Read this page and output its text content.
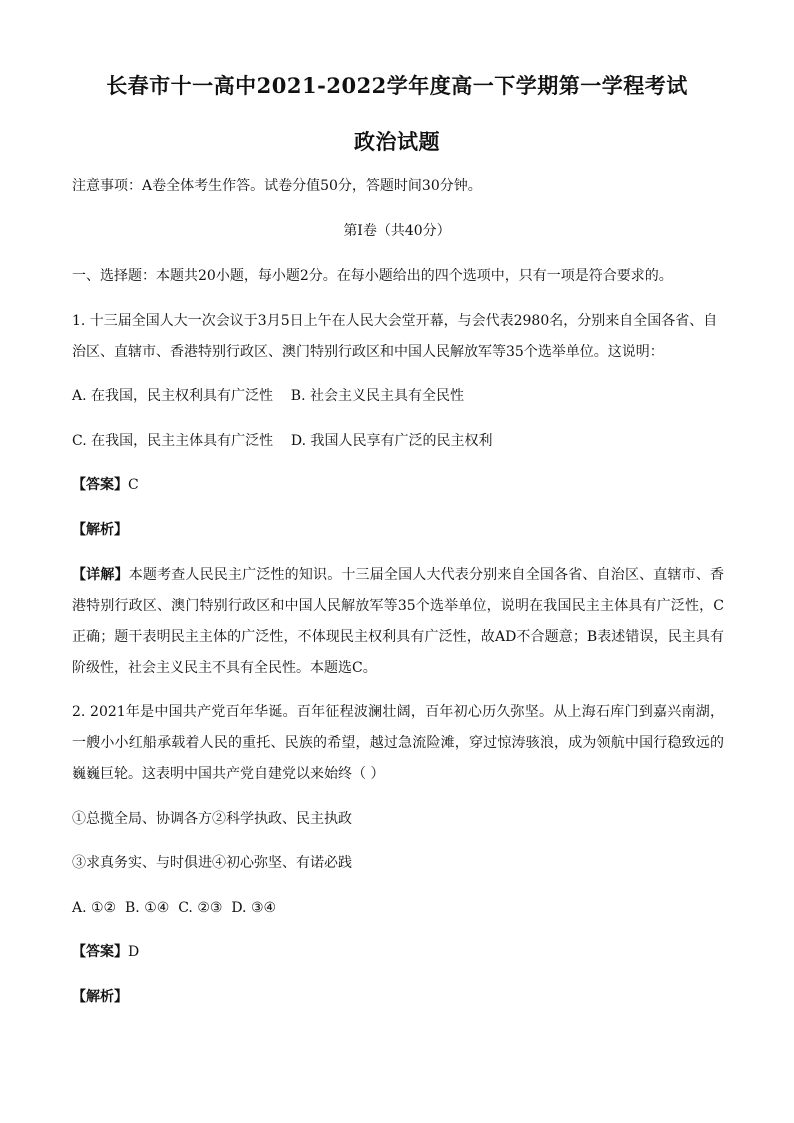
长春市十一高中2021-2022学年度高一下学期第一学程考试
政治试题
注意事项：A卷全体考生作答。试卷分值50分，答题时间30分钟。
第Ⅰ卷（共40分）
一、选择题：本题共20小题，每小题2分。在每小题给出的四个选项中，只有一项是符合要求的。
1. 十三届全国人大一次会议于3月5日上午在人民大会堂开幕，与会代表2980名，分别来自全国各省、自
治区、直辖市、香港特别行政区、澳门特别行政区和中国人民解放军等35个选举单位。这说明：
A. 在我国，民主权利具有广泛性    B. 社会主义民主具有全民性
C. 在我国，民主主体具有广泛性    D. 我国人民享有广泛的民主权利
【答案】C
【解析】
【详解】本题考查人民民主广泛性的知识。十三届全国人大代表分别来自全国各省、自治区、直辖市、香港特别行政区、澳门特别行政区和中国人民解放军等35个选举单位，说明在我国民主主体具有广泛性，C正确；题干表明民主主体的广泛性，不体现民主权利具有广泛性，故AD不合题意；B表述错误，民主具有阶级性，社会主义民主不具有全民性。本题选C。
2. 2021年是中国共产党百年华诞。百年征程波澜壮阔，百年初心历久弥坚。从上海石库门到嘉兴南湖，一艘小小红船承载着人民的重托、民族的希望，越过急流险滩，穿过惊涛骇浪，成为领航中国行稳致远的巍巍巨轮。这表明中国共产党自建党以来始终（ ）
①总揽全局、协调各方②科学执政、民主执政
③求真务实、与时俱进④初心弥坚、有诺必践
A. ①②  B. ①④  C. ②③  D. ③④
【答案】D
【解析】
